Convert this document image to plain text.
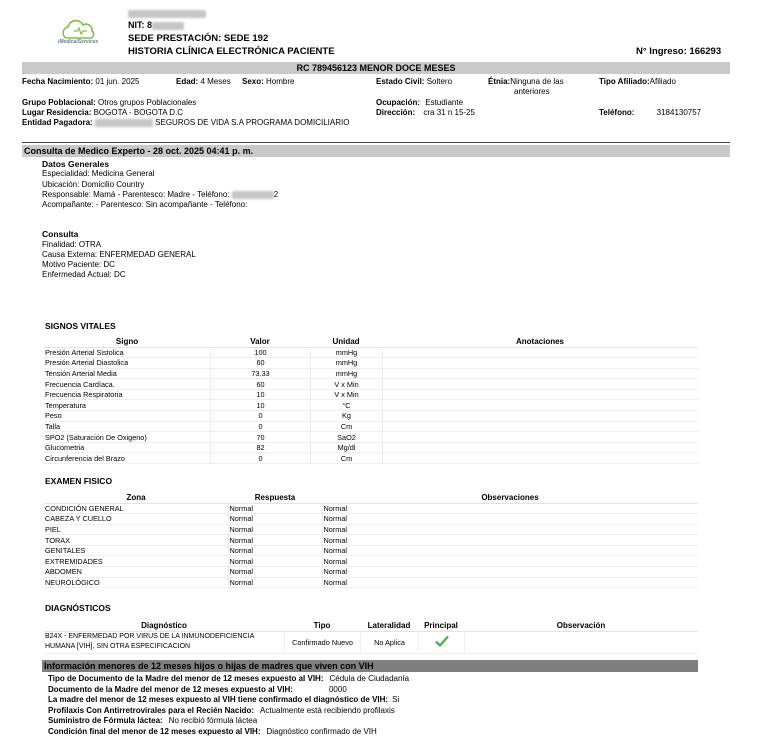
iMedicalServices
NIT: 8
SEDE PRESTACIÓN: SEDE 192
HISTORIA CLÍNICA ELECTRÓNICA PACIENTE	N° Ingreso: 166293
RC 789456123 MENOR DOCE MESES
Fecha Nacimiento: 01 jun. 2025	Edad: 4 Meses Sexo: Hombre	Estado Civil: Soltero	Étnia:Ninguna de las
anteriores
Tipo Afiliado:Afiliado
Grupo Poblacional: Otros grupos Poblacionales	Ocupación: Estudiante
Lugar Residencia: BOGOTA - BOGOTA D.C	Dirección: cra 31 n 15-25	Teléfono:	3184130757
Entidad Pagadora:	SEGUROS DE VIDA S.A PROGRAMA DOMICILIARIO
Consulta de Medico Experto - 28 oct. 2025 04:41 p. m.
Datos Generales
Especialidad: Medicina General
Ubicación: Domicilio Country
Responsable: Mamá - Parentesco: Madre - Teléfono:	2
Acompañante: - Parentesco: Sin acompañante - Teléfono:
Consulta
Finalidad: OTRA
Causa Externa: ENFERMEDAD GENERAL
Motivo Paciente: DC
Enfermedad Actual: DC
SIGNOS VITALES
Signo	Valor	Unidad	Anotaciones
Presión Arterial Sistolica	100	mmHg	
Presión Arterial Diastolica	60	mmHg	
Tensión Arterial Media	73.33	mmHg	
Frecuencia Cardíaca.	60	V x Min	
Frecuencia Respiratoria	10	V x Min	
Temperatura	10	°C	
Peso	0	Kg	
Talla	0	Cm	
SPO2 (Saturación De Oxigeno)	70	SaO2	
Glucometria	82	Mg/dl	
Circunferencia del Brazo	0	Cm	
EXAMEN FISICO
Zona	Respuesta	Observaciones
CONDICIÓN GENERAL	Normal	Normal
CABEZA Y CUELLO	Normal	Normal
PIEL	Normal	Normal
TORAX	Normal	Normal
GENITALES	Normal	Normal
EXTREMIDADES	Normal	Normal
ABDOMEN	Normal	Normal
NEUROLÓGICO	Normal	Normal
DIAGNÓSTICOS
Diagnóstico	Tipo	Lateralidad	Principal	Observación

B24X - ENFERMEDAD POR VIRUS DE LA INMUNODEFICIENCIA
HUMANA [VIH], SIN OTRA ESPECIFICACION	Confirmado Nuevo	No Aplica		
Información menores de 12 meses hijos o hijas de madres que viven con VIH
Tipo de Documento de la Madre del menor de 12 meses expuesto al VIH: Cédula de Ciudadanía
Documento de la Madre del menor de 12 meses expuesto al VIH:	0000
La madre del menor de 12 meses expuesto al VIH tiene confirmado el diagnóstico de VIH: Si
Profilaxis Con Antirretrovirales para el Recién Nacido: Actualmente está recibiendo profilaxis
Suministro de Fórmula láctea: No recibió fórmula láctea
Condición final del menor de 12 meses expuesto al VIH: Diagnóstico confirmado de VIH
